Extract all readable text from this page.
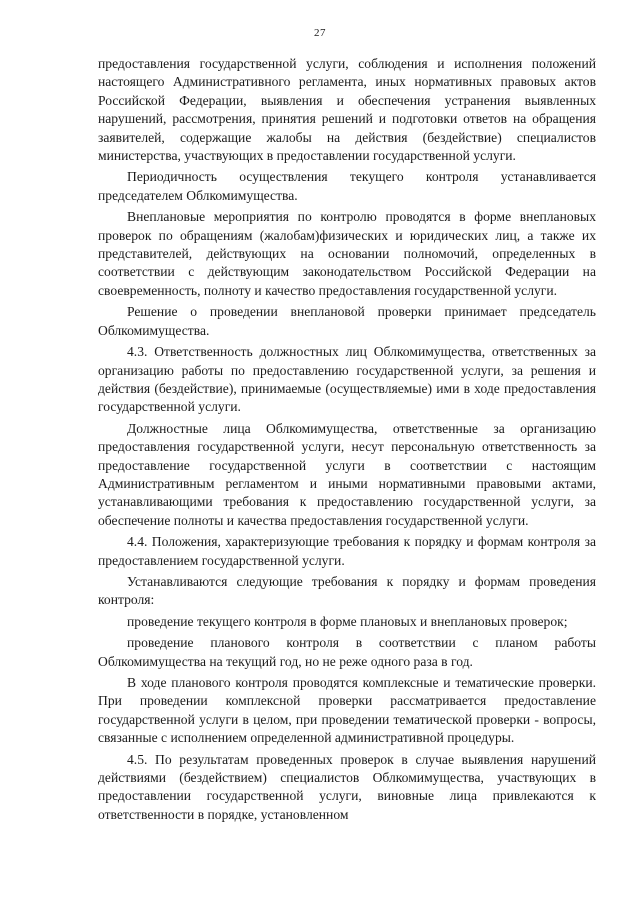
27

предоставления государственной услуги, соблюдения и исполнения положений настоящего Административного регламента, иных нормативных правовых актов Российской Федерации, выявления и обеспечения устранения выявленных нарушений, рассмотрения, принятия решений и подготовки ответов на обращения заявителей, содержащие жалобы на действия (бездействие) специалистов министерства, участвующих в предоставлении государственной услуги.

Периодичность осуществления текущего контроля устанавливается председателем Облкомимущества.

Внеплановые мероприятия по контролю проводятся в форме внеплановых проверок по обращениям (жалобам)физических и юридических лиц, а также их представителей, действующих на основании полномочий, определенных в соответствии с действующим законодательством Российской Федерации на своевременность, полноту и качество предоставления государственной услуги.

Решение о проведении внеплановой проверки принимает председатель Облкомимущества.

4.3. Ответственность должностных лиц Облкомимущества, ответственных за организацию работы по предоставлению государственной услуги, за решения и действия (бездействие), принимаемые (осуществляемые) ими в ходе предоставления государственной услуги.

Должностные лица Облкомимущества, ответственные за организацию предоставления государственной услуги, несут персональную ответственность за предоставление государственной услуги в соответствии с настоящим Административным регламентом и иными нормативными правовыми актами, устанавливающими требования к предоставлению государственной услуги, за обеспечение полноты и качества предоставления государственной услуги.

4.4. Положения, характеризующие требования к порядку и формам контроля за предоставлением государственной услуги.

Устанавливаются следующие требования к порядку и формам проведения контроля:

проведение текущего контроля в форме плановых и внеплановых проверок;

проведение планового контроля в соответствии с планом работы Облкомимущества на текущий год, но не реже одного раза в год.

В ходе планового контроля проводятся комплексные и тематические проверки. При проведении комплексной проверки рассматривается предоставление государственной услуги в целом, при проведении тематической проверки - вопросы, связанные с исполнением определенной административной процедуры.

4.5. По результатам проведенных проверок в случае выявления нарушений действиями (бездействием) специалистов Облкомимущества, участвующих в предоставлении государственной услуги, виновные лица привлекаются к ответственности в порядке, установленном
